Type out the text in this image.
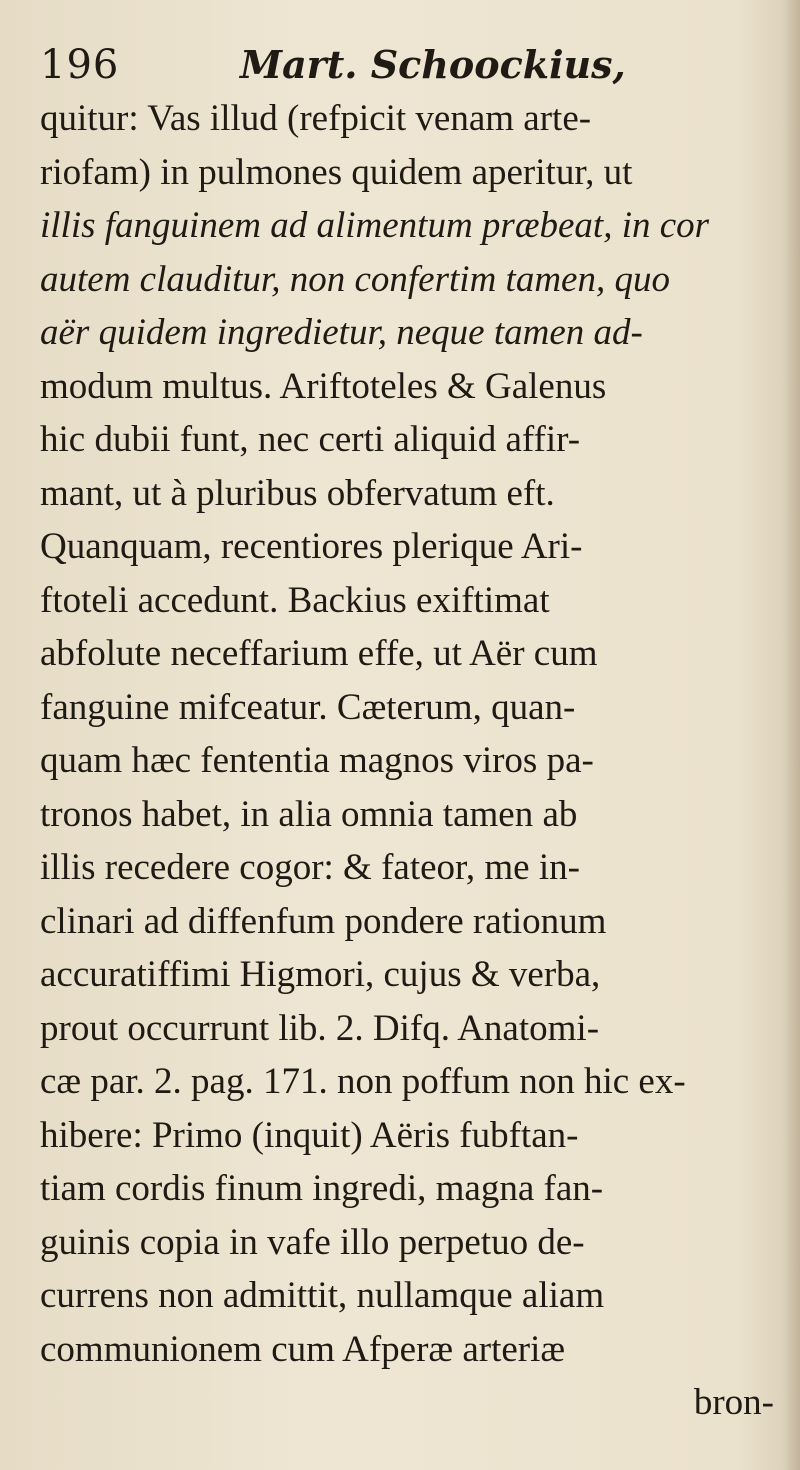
196	Mart. Schoockius,
quitur: Vas illud (refpicit venam arte-
riofam) in pulmones quidem aperitur, ut
illis fanguinem ad alimentum præbeat, in cor
autem clauditur, non confertim tamen, quo
aër quidem ingredietur, neque tamen ad-
modum multus. Ariftoteles & Galenus
hic dubii funt, nec certi aliquid affir-
mant, ut à pluribus obfervatum eft.
Quanquam, recentiores plerique Ari-
ftoteli accedunt. Backius exiftimat
abfolute neceffarium effe, ut Aër cum
fanguine mifceatur. Cæterum, quan-
quam hæc fententia magnos viros pa-
tronos habet, in alia omnia tamen ab
illis recedere cogor: & fateor, me in-
clinari ad diffenfum pondere rationum
accuratiffimi Higmori, cujus & verba,
prout occurrunt lib. 2. Difq. Anatomi-
cæ par. 2. pag. 171. non poffum non hic ex-
hibere: Primo (inquit) Aëris fubftan-
tiam cordis finum ingredi, magna fan-
guinis copia in vafe illo perpetuo de-
currens non admittit, nullamque aliam
communionem cum Afperæ arteriæ
bron-
